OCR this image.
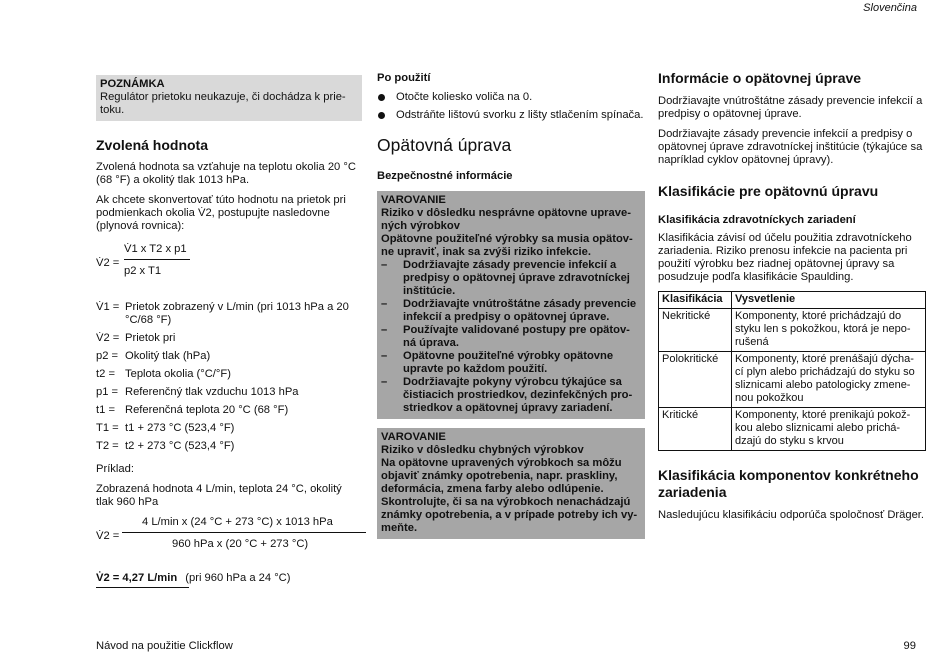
Slovenčina
POZNÁMKA
Regulátor prietoku neukazuje, či dochádza k prie-toku.
Zvolená hodnota

Zvolená hodnota sa vzťahuje na teplotu okolia 20 °C (68 °F) a okolitý tlak 1013 hPa.

Ak chcete skonvertovať túto hodnotu na prietok pri podmienkach okolia V̇2, postupujte nasledovne (plynová rovnica):

V̇2 =
V̇1 x T2 x p1
p2 x T1
V̇1 = Prietok zobrazený v L/min (pri 1013 hPa a 20 °C/68 °F)
V̇2 = Prietok pri
p2 = Okolitý tlak (hPa)
t2 = Teplota okolia (°C/°F)
p1 = Referenčný tlak vzduchu 1013 hPa
t1 = Referenčná teplota 20 °C (68 °F)
T1 = t1 + 273 °C (523,4 °F)
T2 = t2 + 273 °C (523,4 °F)

Príklad:

Zobrazená hodnota 4 L/min, teplota 24 °C, okolitý tlak 960 hPa

V̇2 =
4 L/min x (24 °C + 273 °C) x 1013 hPa
960 hPa x (20 °C + 273 °C)
V̇2 = 4,27 L/min (pri 960 hPa a 24 °C)
Po použití
Otočte koliesko voliča na 0.
Odstráňte lištovú svorku z lišty stlačením spínača.
Opätovná úprava
Bezpečnostné informácie
VAROVANIE
Riziko v dôsledku nesprávne opätovne uprave-ných výrobkov
Opätovne použiteľné výrobky sa musia opätov-ne upraviť, inak sa zvýši riziko infekcie.
–	Dodržiavajte zásady prevencie infekcií a predpisy o opätovnej úprave zdravotníckej inštitúcie.
–	Dodržiavajte vnútroštátne zásady prevencie infekcií a predpisy o opätovnej úprave.
–	Používajte validované postupy pre opätov-ná úprava.
–	Opätovne použiteľné výrobky opätovne upravte po každom použití.
–	Dodržiavajte pokyny výrobcu týkajúce sa čistiacich prostriedkov, dezinfekčných pro-striedkov a opätovnej úpravy zariadení.
VAROVANIE
Riziko v dôsledku chybných výrobkov
Na opätovne upravených výrobkoch sa môžu objaviť známky opotrebenia, napr. praskliny, deformácia, zmena farby alebo odlúpenie. Skontrolujte, či sa na výrobkoch nenachádzajú známky opotrebenia, a v prípade potreby ich vy-meňte.
Informácie o opätovnej úprave

Dodržiavajte vnútroštátne zásady prevencie infekcií a predpisy o opätovnej úprave.

Dodržiavajte zásady prevencie infekcií a predpisy o opätovnej úprave zdravotníckej inštitúcie (týkajúce sa napríklad cyklov opätovnej úpravy).

Klasifikácie pre opätovnú úpravu
Klasifikácia zdravotníckych zariadení

Klasifikácia závisí od účelu použitia zdravotníckeho zariadenia. Riziko prenosu infekcie na pacienta pri použití výrobku bez riadnej opätovnej úpravy sa posudzuje podľa klasifikácie Spaulding.

Klasifikácia	Vysvetlenie
Nekritické	Komponenty, ktoré prichádzajú do styku len s pokožkou, ktorá je nepo-rušená
Polokritické	Komponenty, ktoré prenášajú dýcha-cí plyn alebo prichádzajú do styku so sliznicami alebo patologicky zmene-nou pokožkou
Kritické	Komponenty, ktoré prenikajú pokož-kou alebo sliznicami alebo prichá-dzajú do styku s krvou
Klasifikácia komponentov konkrétneho zariadenia

Nasledujúcu klasifikáciu odporúča spoločnosť Dräger.

Návod na použitie Clickflow	99
